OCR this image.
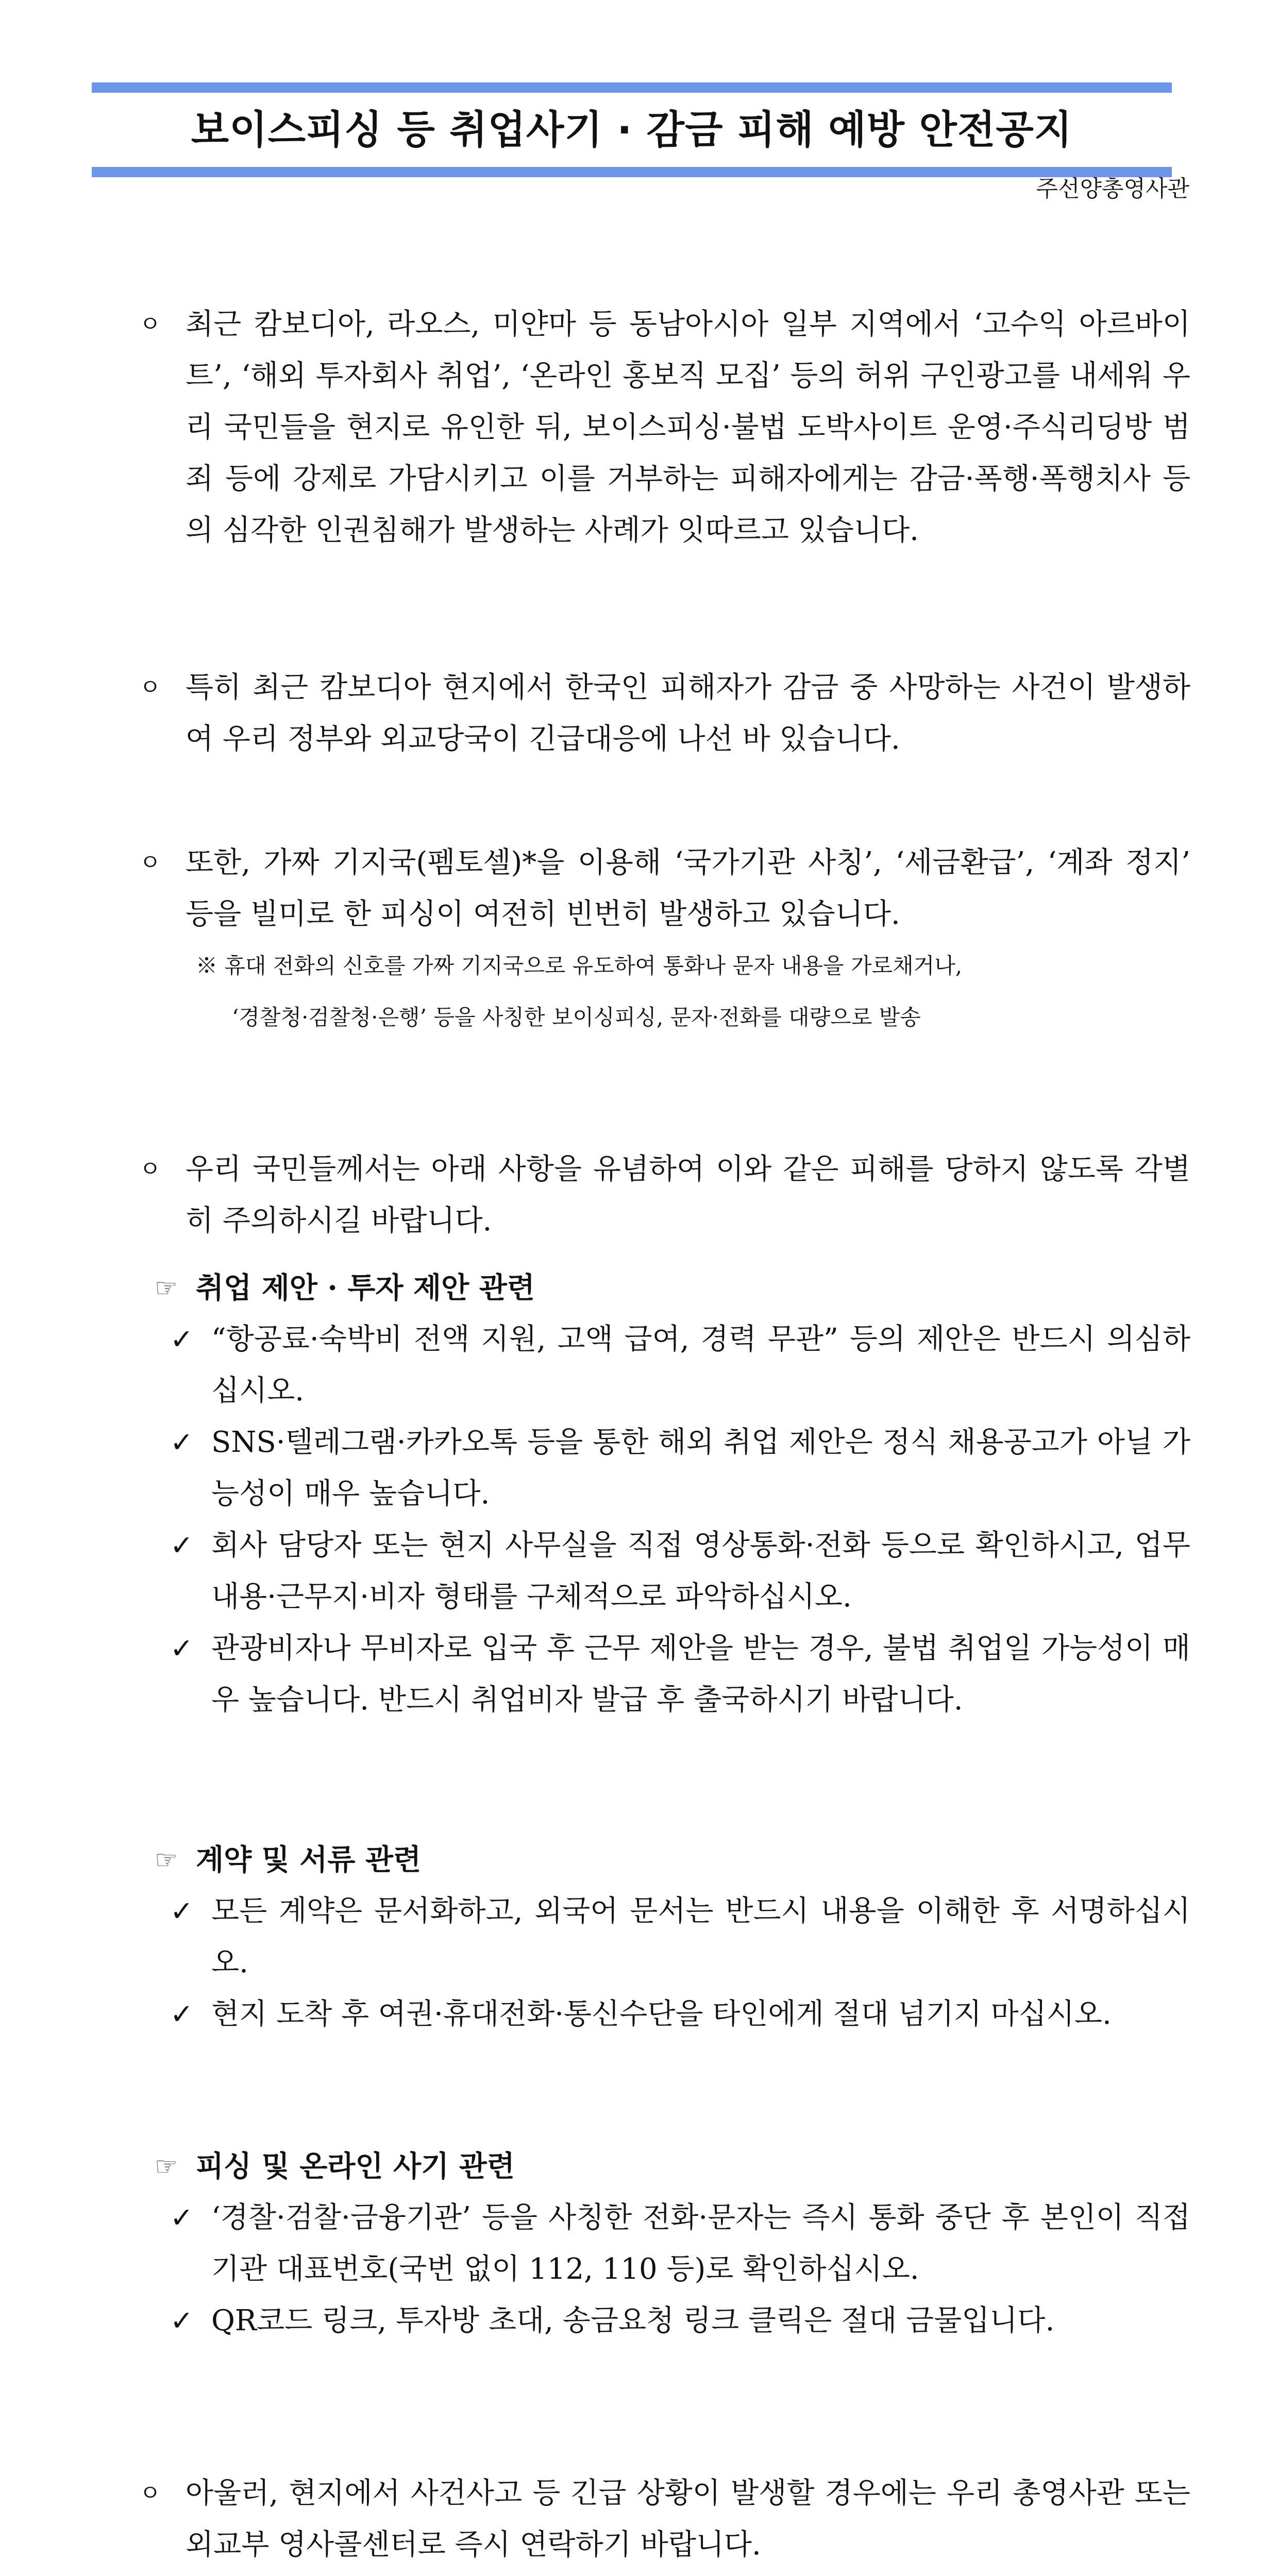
보이스피싱 등 취업사기 · 감금 피해 예방 안전공지
주선양총영사관
ㅇ 최근 캄보디아, 라오스, 미얀마 등 동남아시아 일부 지역에서 ‘고수익 아르바이트’, ‘해외 투자회사 취업’, ‘온라인 홍보직 모집’ 등의 허위 구인광고를 내세워 우리 국민들을 현지로 유인한 뒤, 보이스피싱·불법 도박사이트 운영·주식리딩방 범죄 등에 강제로 가담시키고 이를 거부하는 피해자에게는 감금·폭행·폭행치사 등의 심각한 인권침해가 발생하는 사례가 잇따르고 있습니다.

ㅇ 특히 최근 캄보디아 현지에서 한국인 피해자가 감금 중 사망하는 사건이 발생하여 우리 정부와 외교당국이 긴급대응에 나선 바 있습니다.

ㅇ 또한, 가짜 기지국(펨토셀)*을 이용해 ‘국가기관 사칭’, ‘세금환급’, ‘계좌 정지’ 등을 빌미로 한 피싱이 여전히 빈번히 발생하고 있습니다.

※ 휴대 전화의 신호를 가짜 기지국으로 유도하여 통화나 문자 내용을 가로채거나,

‘경찰청·검찰청·은행’ 등을 사칭한 보이싱피싱, 문자·전화를 대량으로 발송

ㅇ 우리 국민들께서는 아래 사항을 유념하여 이와 같은 피해를 당하지 않도록 각별히 주의하시길 바랍니다.

☞ 취업 제안 · 투자 제안 관련

✓ “항공료·숙박비 전액 지원, 고액 급여, 경력 무관” 등의 제안은 반드시 의심하십시오.

✓ SNS·텔레그램·카카오톡 등을 통한 해외 취업 제안은 정식 채용공고가 아닐 가능성이 매우 높습니다.

✓ 회사 담당자 또는 현지 사무실을 직접 영상통화·전화 등으로 확인하시고, 업무 내용·근무지·비자 형태를 구체적으로 파악하십시오.

✓ 관광비자나 무비자로 입국 후 근무 제안을 받는 경우, 불법 취업일 가능성이 매우 높습니다. 반드시 취업비자 발급 후 출국하시기 바랍니다.

☞ 계약 및 서류 관련

✓ 모든 계약은 문서화하고, 외국어 문서는 반드시 내용을 이해한 후 서명하십시오.

✓ 현지 도착 후 여권·휴대전화·통신수단을 타인에게 절대 넘기지 마십시오.

☞ 피싱 및 온라인 사기 관련

✓ ‘경찰·검찰·금융기관’ 등을 사칭한 전화·문자는 즉시 통화 중단 후 본인이 직접 기관 대표번호(국번 없이 112, 110 등)로 확인하십시오.

✓ QR코드 링크, 투자방 초대, 송금요청 링크 클릭은 절대 금물입니다.

ㅇ 아울러, 현지에서 사건사고 등 긴급 상황이 발생할 경우에는 우리 총영사관 또는 외교부 영사콜센터로 즉시 연락하기 바랍니다.
